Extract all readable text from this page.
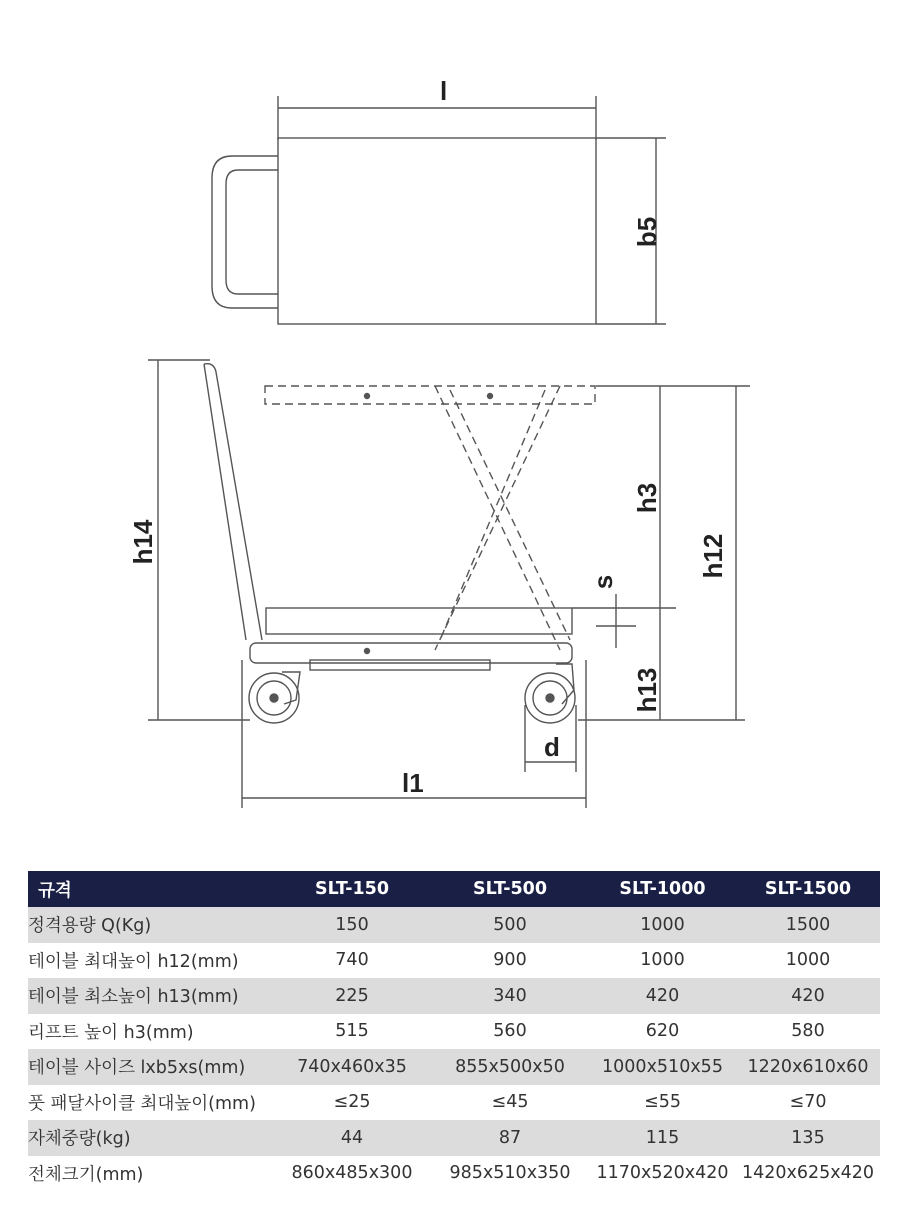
l
b5
h14
h3
h12
s
h13
d
l1
규격	SLT-150	SLT-500	SLT-1000	SLT-1500
정격용량 Q(Kg)	150	500	1000	1500
테이블 최대높이 h12(mm)	740	900	1000	1000
테이블 최소높이 h13(mm)	225	340	420	420
리프트 높이 h3(mm)	515	560	620	580
테이블 사이즈 lxb5xs(mm)	740x460x35	855x500x50	1000x510x55	1220x610x60
풋 패달사이클 최대높이(mm)	≤25	≤45	≤55	≤70
자체중량(kg)	44	87	115	135
전체크기(mm)	860x485x300	985x510x350	1170x520x420	1420x625x420
